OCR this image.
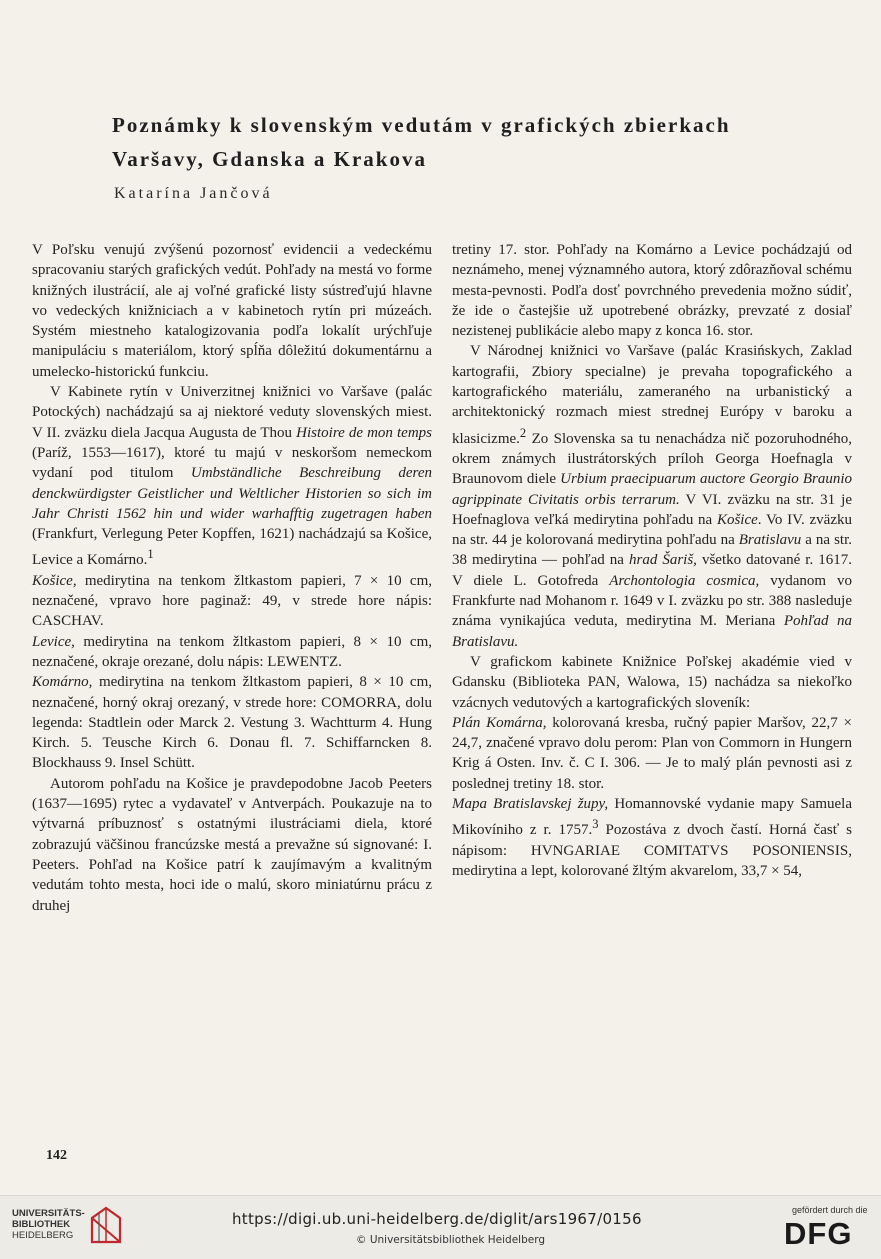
Poznámky k slovenským vedutám v grafických zbierkach
Varšavy, Gdanska a Krakova
Katarína Jančová

V Poľsku venujú zvýšenú pozornosť evidencii a vedeckému spracovaniu starých grafických vedút. Pohľady na mestá vo forme knižných ilustrácií, ale aj voľné grafické listy sústreďujú hlavne vo vedeckých knižniciach a v kabinetoch rytín pri múzeách. Systém miestneho katalogizovania podľa lokalít urýchľuje manipuláciu s materiálom, ktorý spĺňa dôležitú dokumentárnu a umelecko-historickú funkciu.

V Kabinete rytín v Univerzitnej knižnici vo Varšave (palác Potockých) nachádzajú sa aj niektoré veduty slovenských miest. V II. zväzku diela Jacqua Augusta de Thou Histoire de mon temps (Paríž, 1553—1617), ktoré tu majú v neskoršom nemeckom vydaní pod titulom Umbständliche Beschreibung deren denckwürdigster Geistlicher und Weltlicher Historien so sich im Jahr Christi 1562 hin und wider warhafftig zugetragen haben (Frankfurt, Verlegung Peter Kopffen, 1621) nachádzajú sa Košice, Levice a Komárno.$^1$

Košice, medirytina na tenkom žltkastom papieri, 7 × 10 cm, neznačené, vpravo hore paginaž: 49, v strede hore nápis: CASCHAV.

Levice, medirytina na tenkom žltkastom papieri, 8 × 10 cm, neznačené, okraje orezané, dolu nápis: LEWENTZ.

Komárno, medirytina na tenkom žltkastom papieri, 8 × 10 cm, neznačené, horný okraj orezaný, v strede hore: COMORRA, dolu legenda: Stadtlein oder Marck 2. Vestung 3. Wachtturm 4. Hung Kirch. 5. Teusche Kirch 6. Donau fl. 7. Schiffarncken 8. Blockhauss 9. Insel Schütt.

Autorom pohľadu na Košice je pravdepodobne Jacob Peeters (1637—1695) rytec a vydavateľ v Antverpách. Poukazuje na to výtvarná príbuznosť s ostatnými ilustráciami diela, ktoré zobrazujú väčšinou francúzske mestá a prevažne sú signované: I. Peeters. Pohľad na Košice patrí k zaujímavým a kvalitným vedutám tohto mesta, hoci ide o malú, skoro miniatúrnu prácu z druhej

tretiny 17. stor. Pohľady na Komárno a Levice pochádzajú od neznámeho, menej významného autora, ktorý zdôrazňoval schému mesta-pevnosti. Podľa dosť povrchného prevedenia možno súdiť, že ide o častejšie už upotrebené obrázky, prevzaté z dosiaľ nezistenej publikácie alebo mapy z konca 16. stor.

V Národnej knižnici vo Varšave (palác Krasińskych, Zaklad kartografii, Zbiory specialne) je prevaha topografického a kartografického materiálu, zameraného na urbanistický a architektonický rozmach miest strednej Európy v baroku a klasicizme.$^2$ Zo Slovenska sa tu nenachádza nič pozoruhodného, okrem známych ilustrátorských príloh Georga Hoefnagla v Braunovom diele Urbium praecipuarum auctore Georgio Braunio agrippinate Civitatis orbis terrarum. V VI. zväzku na str. 31 je Hoefnaglova veľká medirytina pohľadu na Košice. Vo IV. zväzku na str. 44 je kolorovaná medirytina pohľadu na Bratislavu a na str. 38 medirytina — pohľad na hrad Šariš, všetko datované r. 1617. V diele L. Gotofreda Archontologia cosmica, vydanom vo Frankfurte nad Mohanom r. 1649 v I. zväzku po str. 388 nasleduje známa vynikajúca veduta, medirytina M. Meriana Pohľad na Bratislavu.

V grafickom kabinete Knižnice Poľskej akadémie vied v Gdansku (Biblioteka PAN, Walowa, 15) nachádza sa niekoľko vzácnych vedutových a kartografických sloveník:

Plán Komárna, kolorovaná kresba, ručný papier Maršov, 22,7 × 24,7, značené vpravo dolu perom: Plan von Commorn in Hungern Krig á Osten. Inv. č. C I. 306. — Je to malý plán pevnosti asi z poslednej tretiny 18. stor.

Mapa Bratislavskej župy, Homannovské vydanie mapy Samuela Mikovíniho z r. 1757.$^3$ Pozostáva z dvoch častí. Horná časť s nápisom: HVNGARIAE COMITATVS POSONIENSIS, medirytina a lept, kolorované žltým akvarelom, 33,7 × 54,

142
UNIVERSITÄTS-
BIBLIOTHEK
HEIDELBERG
https://digi.ub.uni-heidelberg.de/diglit/ars1967/0156
© Universitätsbibliothek Heidelberg
gefördert durch die
DFG
